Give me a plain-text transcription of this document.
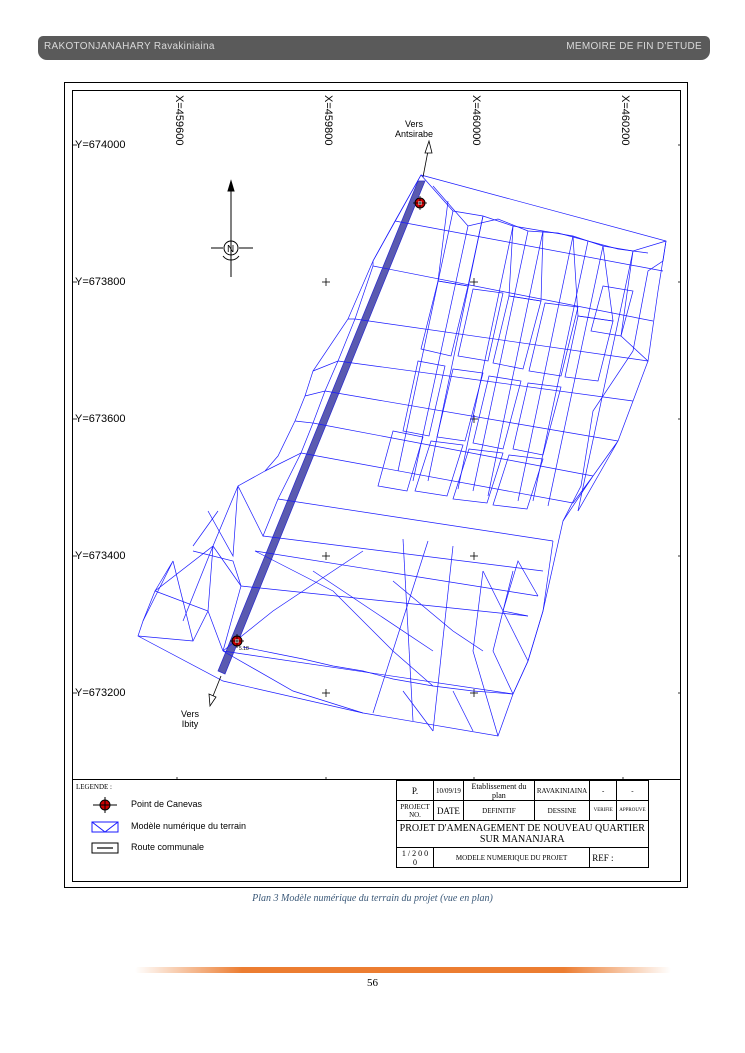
RAKOTONJANAHARY Ravakiniaina	MEMOIRE DE FIN D'ETUDE
X=459600	X=459800	X=460000	X=460200
Y=674000
Y=673800
Y=673600
Y=673400
Y=673200
N
5.18
Vers
Antsirabe
Vers
Ibity
LEGENDE :
Point de Canevas
Modèle numérique du terrain
Route communale
P.	10/09/19	Etablissement du plan	RAVAKINIAINA	-	-
PROJECT NO.	DATE	DEFINITIF	DESSINE	VERIFIE	APPROUVE
PROJET D'AMENAGEMENT DE NOUVEAU QUARTIER SUR MANANJARA					
1 / 2 0 0 0	MODELE NUMERIQUE DU PROJET			REF :	
Plan 3 Modèle numérique du terrain du projet (vue en plan)
56
